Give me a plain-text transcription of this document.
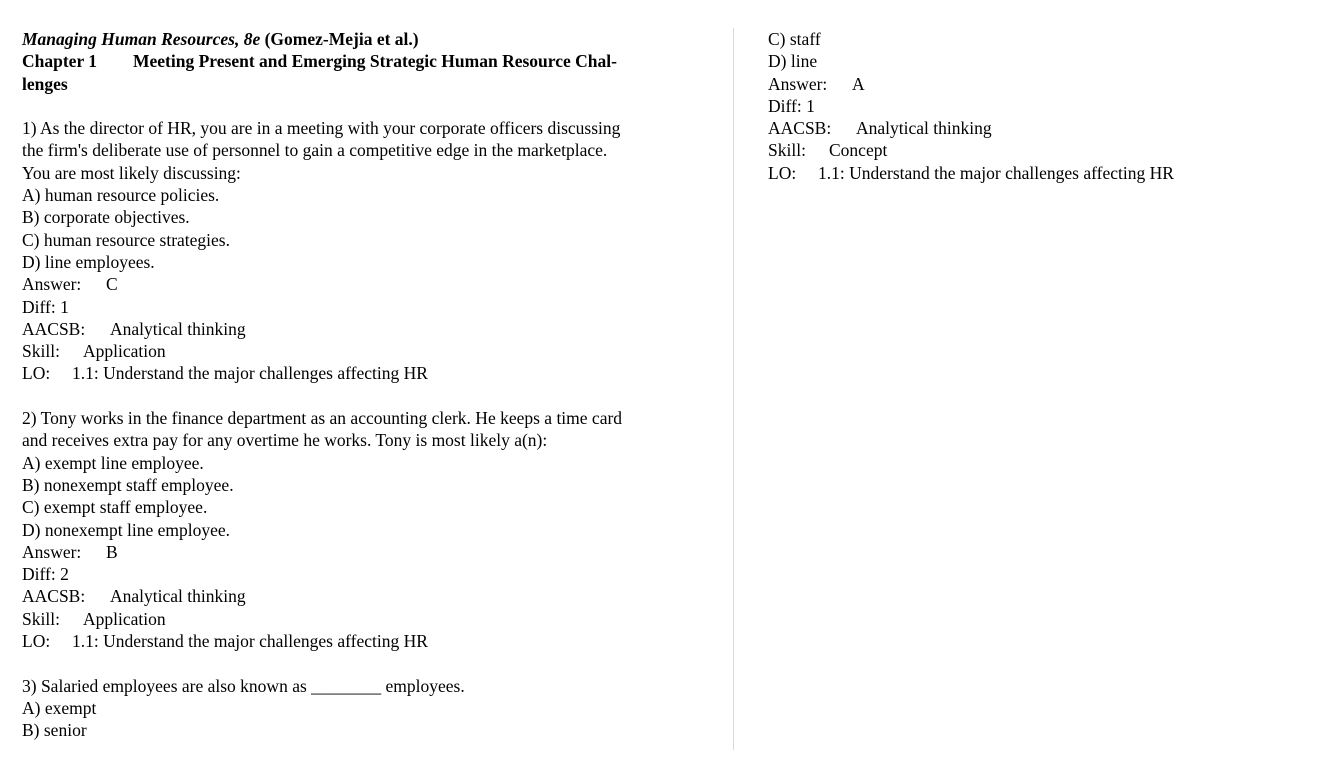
Managing Human Resources, 8e (Gomez-Mejia et al.)
Chapter 1 Meeting Present and Emerging Strategic Human Resource Chal-
lenges
1) As the director of HR, you are in a meeting with your corporate officers discussing
the firm's deliberate use of personnel to gain a competitive edge in the marketplace.
You are most likely discussing:
A) human resource policies.
B) corporate objectives.
C) human resource strategies.
D) line employees.
Answer: C
Diff: 1
AACSB: Analytical thinking
Skill: Application
LO: 1.1: Understand the major challenges affecting HR
2) Tony works in the finance department as an accounting clerk. He keeps a time card
and receives extra pay for any overtime he works. Tony is most likely a(n):
A) exempt line employee.
B) nonexempt staff employee.
C) exempt staff employee.
D) nonexempt line employee.
Answer: B
Diff: 2
AACSB: Analytical thinking
Skill: Application
LO: 1.1: Understand the major challenges affecting HR
3) Salaried employees are also known as ________ employees.
A) exempt
B) senior
C) staff
D) line
Answer: A
Diff: 1
AACSB: Analytical thinking
Skill: Concept
LO: 1.1: Understand the major challenges affecting HR
